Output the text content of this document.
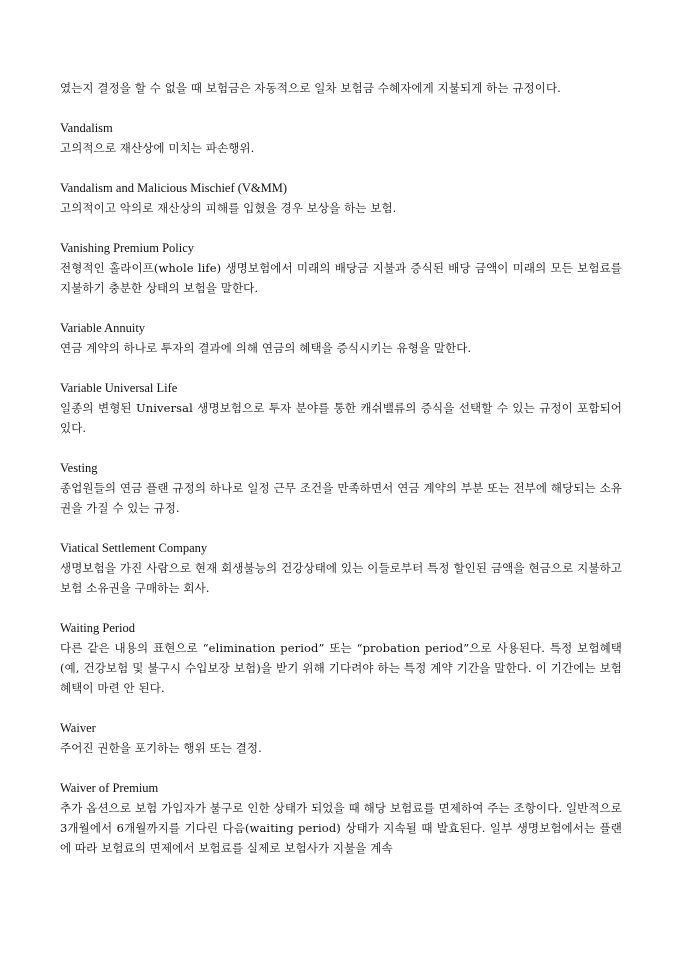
였는지 결정을 할 수 없을 때 보험금은 자동적으로 일차 보험금 수혜자에게 지불되게 하는 규정이다.

Vandalism

고의적으로 재산상에 미치는 파손행위.

Vandalism and Malicious Mischief (V&MM)

고의적이고 악의로 재산상의 피해를 입혔을 경우 보상을 하는 보험.

Vanishing Premium Policy

전형적인 홀라이프(whole life) 생명보험에서 미래의 배당금 지불과 증식된 배당 금액이 미래의 모든 보험료를 지불하기 충분한 상태의 보험을 말한다.

Variable Annuity

연금 계약의 하나로 투자의 결과에 의해 연금의 혜택을 증식시키는 유형을 말한다.

Variable Universal Life

일종의 변형된 Universal 생명보험으로 투자 분야를 통한 캐쉬밸류의 증식을 선택할 수 있는 규정이 포함되어 있다.

Vesting

종업원들의 연금 플랜 규정의 하나로 일정 근무 조건을 만족하면서 연금 계약의 부분 또는 전부에 해당되는 소유권을 가질 수 있는 규정.

Viatical Settlement Company

생명보험을 가진 사람으로 현재 회생불능의 건강상태에 있는 이들로부터 특정 할인된 금액을 현금으로 지불하고 보험 소유권을 구매하는 회사.

Waiting Period

다른 같은 내용의 표현으로 “elimination period” 또는 “probation period”으로 사용된다. 특정 보험혜택 (예, 건강보험 및 불구시 수입보장 보험)을 받기 위해 기다려야 하는 특정 계약 기간을 말한다. 이 기간에는 보험 혜택이 마련 안 된다.

Waiver

주어진 권한을 포기하는 행위 또는 결정.

Waiver of Premium

추가 옵션으로 보험 가입자가 불구로 인한 상태가 되었을 때 해당 보험료를 면제하여 주는 조항이다. 일반적으로 3개월에서 6개월까지를 기다린 다음(waiting period) 상태가 지속될 때 발효된다. 일부 생명보험에서는 플랜에 따라 보험료의 면제에서 보험료를 실제로 보험사가 지불을 계속
